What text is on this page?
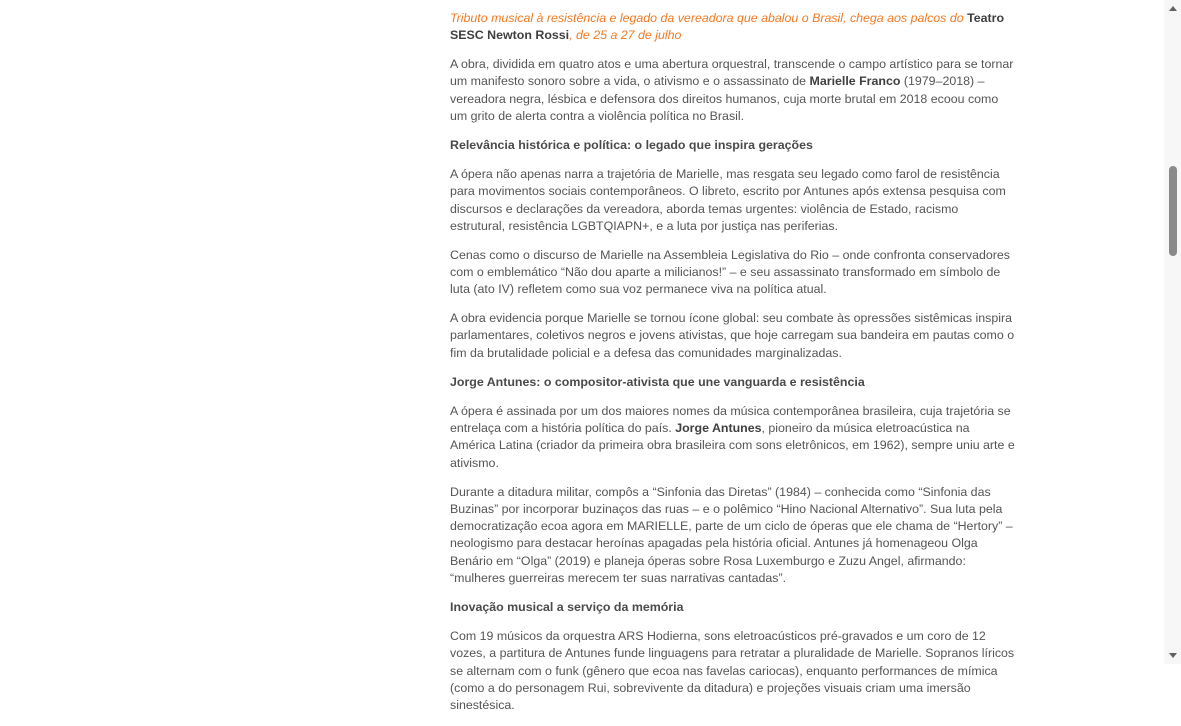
Tributo musical à resistência e legado da vereadora que abalou o Brasil, chega aos palcos do Teatro SESC Newton Rossi, de 25 a 27 de julho

A obra, dividida em quatro atos e uma abertura orquestral, transcende o campo artístico para se tornar um manifesto sonoro sobre a vida, o ativismo e o assassinato de Marielle Franco (1979–2018) – vereadora negra, lésbica e defensora dos direitos humanos, cuja morte brutal em 2018 ecoou como um grito de alerta contra a violência política no Brasil.

Relevância histórica e política: o legado que inspira gerações

A ópera não apenas narra a trajetória de Marielle, mas resgata seu legado como farol de resistência para movimentos sociais contemporâneos. O libreto, escrito por Antunes após extensa pesquisa com discursos e declarações da vereadora, aborda temas urgentes: violência de Estado, racismo estrutural, resistência LGBTQIAPN+, e a luta por justiça nas periferias.

Cenas como o discurso de Marielle na Assembleia Legislativa do Rio – onde confronta conservadores com o emblemático “Não dou aparte a milicianos!” – e seu assassinato transformado em símbolo de luta (ato IV) refletem como sua voz permanece viva na política atual.

A obra evidencia porque Marielle se tornou ícone global: seu combate às opressões sistêmicas inspira parlamentares, coletivos negros e jovens ativistas, que hoje carregam sua bandeira em pautas como o fim da brutalidade policial e a defesa das comunidades marginalizadas.

Jorge Antunes: o compositor-ativista que une vanguarda e resistência

A ópera é assinada por um dos maiores nomes da música contemporânea brasileira, cuja trajetória se entrelaça com a história política do país. Jorge Antunes, pioneiro da música eletroacústica na América Latina (criador da primeira obra brasileira com sons eletrônicos, em 1962), sempre uniu arte e ativismo.

Durante a ditadura militar, compôs a “Sinfonia das Diretas” (1984) – conhecida como “Sinfonia das Buzinas” por incorporar buzinaços das ruas – e o polêmico “Hino Nacional Alternativo”. Sua luta pela democratização ecoa agora em MARIELLE, parte de um ciclo de óperas que ele chama de “Hertory” – neologismo para destacar heroínas apagadas pela história oficial. Antunes já homenageou Olga Benário em “Olga” (2019) e planeja óperas sobre Rosa Luxemburgo e Zuzu Angel, afirmando: “mulheres guerreiras merecem ter suas narrativas cantadas”.

Inovação musical a serviço da memória

Com 19 músicos da orquestra ARS Hodierna, sons eletroacústicos pré-gravados e um coro de 12 vozes, a partitura de Antunes funde linguagens para retratar a pluralidade de Marielle. Sopranos líricos se alternam com o funk (gênero que ecoa nas favelas cariocas), enquanto performances de mímica (como a do personagem Rui, sobrevivente da ditadura) e projeções visuais criam uma imersão sinestésica.
